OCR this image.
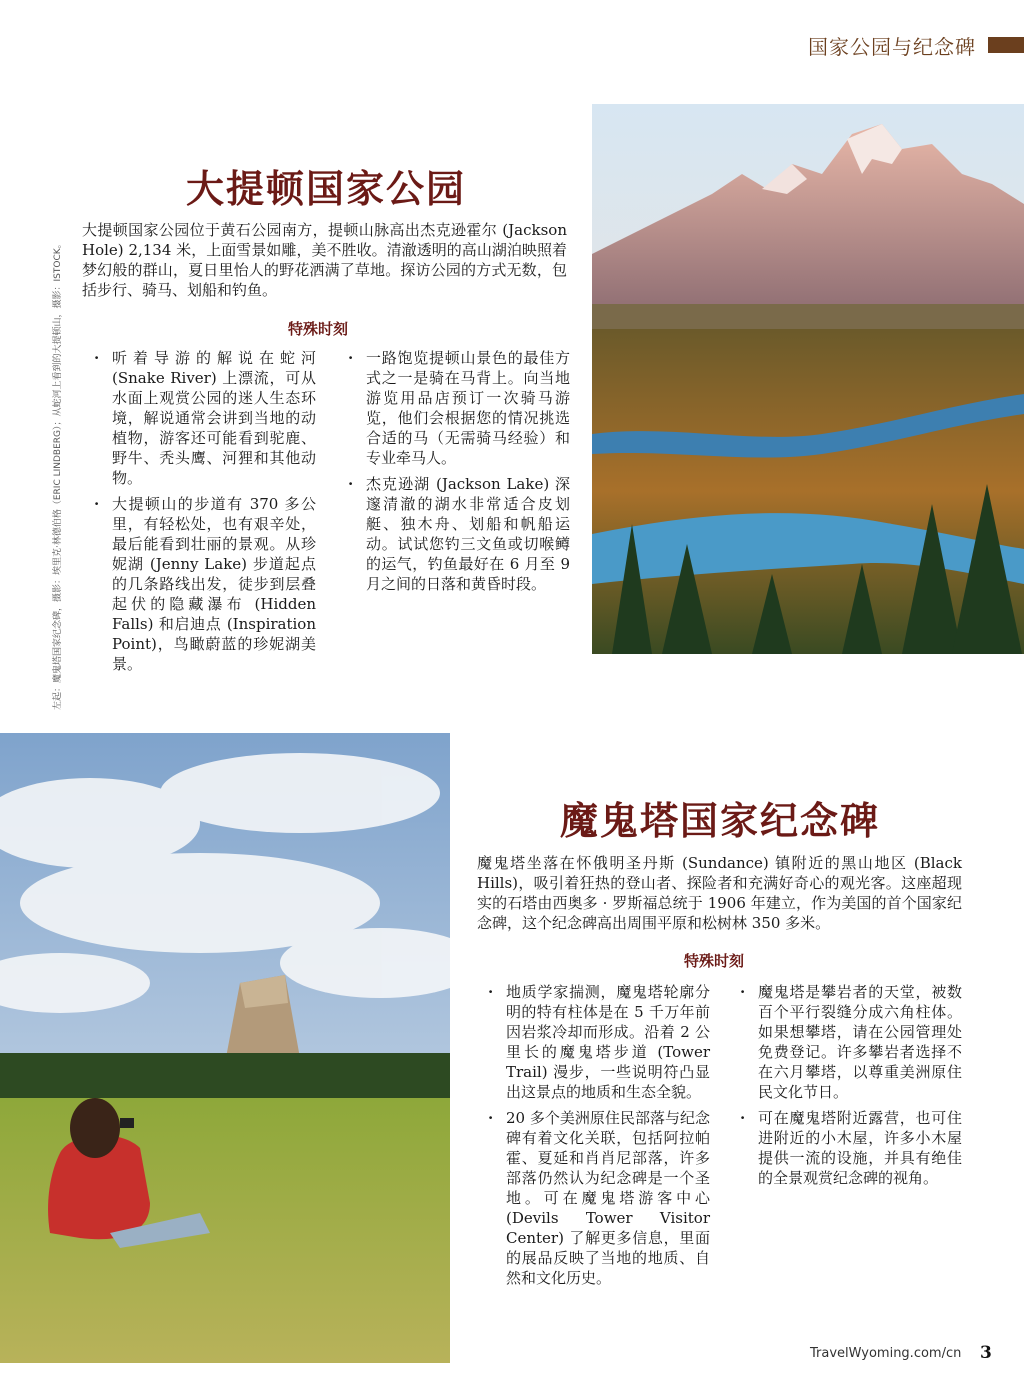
国家公园与纪念碑
左起：魔鬼塔国家纪念碑，摄影：埃里克·林德伯格（ERIC LINDBERG）；从蛇河上看到的大提顿山，摄影：ISTOCK。
大提顿国家公园

大提顿国家公园位于黄石公园南方，提顿山脉高出杰克逊霍尔 (Jackson Hole) 2,134 米，上面雪景如雕，美不胜收。清澈透明的高山湖泊映照着梦幻般的群山，夏日里怡人的野花洒满了草地。探访公园的方式无数，包括步行、骑马、划船和钓鱼。

特殊时刻
· 听着导游的解说在蛇河 (Snake River) 上漂流，可从水面上观赏公园的迷人生态环境，解说通常会讲到当地的动植物，游客还可能看到驼鹿、野牛、秃头鹰、河狸和其他动物。
· 大提顿山的步道有 370 多公里，有轻松处，也有艰辛处，最后能看到壮丽的景观。从珍妮湖 (Jenny Lake) 步道起点的几条路线出发，徒步到层叠起伏的隐藏瀑布 (Hidden Falls) 和启迪点 (Inspiration Point)，鸟瞰蔚蓝的珍妮湖美景。
· 一路饱览提顿山景色的最佳方式之一是骑在马背上。向当地游览用品店预订一次骑马游览，他们会根据您的情况挑选合适的马（无需骑马经验）和专业牵马人。
· 杰克逊湖 (Jackson Lake) 深邃清澈的湖水非常适合皮划艇、独木舟、划船和帆船运动。试试您钓三文鱼或切喉鳟的运气，钓鱼最好在 6 月至 9 月之间的日落和黄昏时段。
魔鬼塔国家纪念碑

魔鬼塔坐落在怀俄明圣丹斯 (Sundance) 镇附近的黑山地区 (Black Hills)，吸引着狂热的登山者、探险者和充满好奇心的观光客。这座超现实的石塔由西奥多 · 罗斯福总统于 1906 年建立，作为美国的首个国家纪念碑，这个纪念碑高出周围平原和松树林 350 多米。

特殊时刻
· 地质学家揣测，魔鬼塔轮廓分明的特有柱体是在 5 千万年前因岩浆冷却而形成。沿着 2 公里长的魔鬼塔步道 (Tower Trail) 漫步，一些说明符凸显出这景点的地质和生态全貌。
· 20 多个美洲原住民部落与纪念碑有着文化关联，包括阿拉帕霍、夏延和肖肖尼部落，许多部落仍然认为纪念碑是一个圣地。可在魔鬼塔游客中心 (Devils Tower Visitor Center) 了解更多信息，里面的展品反映了当地的地质、自然和文化历史。
· 魔鬼塔是攀岩者的天堂，被数百个平行裂缝分成六角柱体。如果想攀塔，请在公园管理处免费登记。许多攀岩者选择不在六月攀塔，以尊重美洲原住民文化节日。
· 可在魔鬼塔附近露营，也可住进附近的小木屋，许多小木屋提供一流的设施，并具有绝佳的全景观赏纪念碑的视角。
TravelWyoming.com/cn 3
